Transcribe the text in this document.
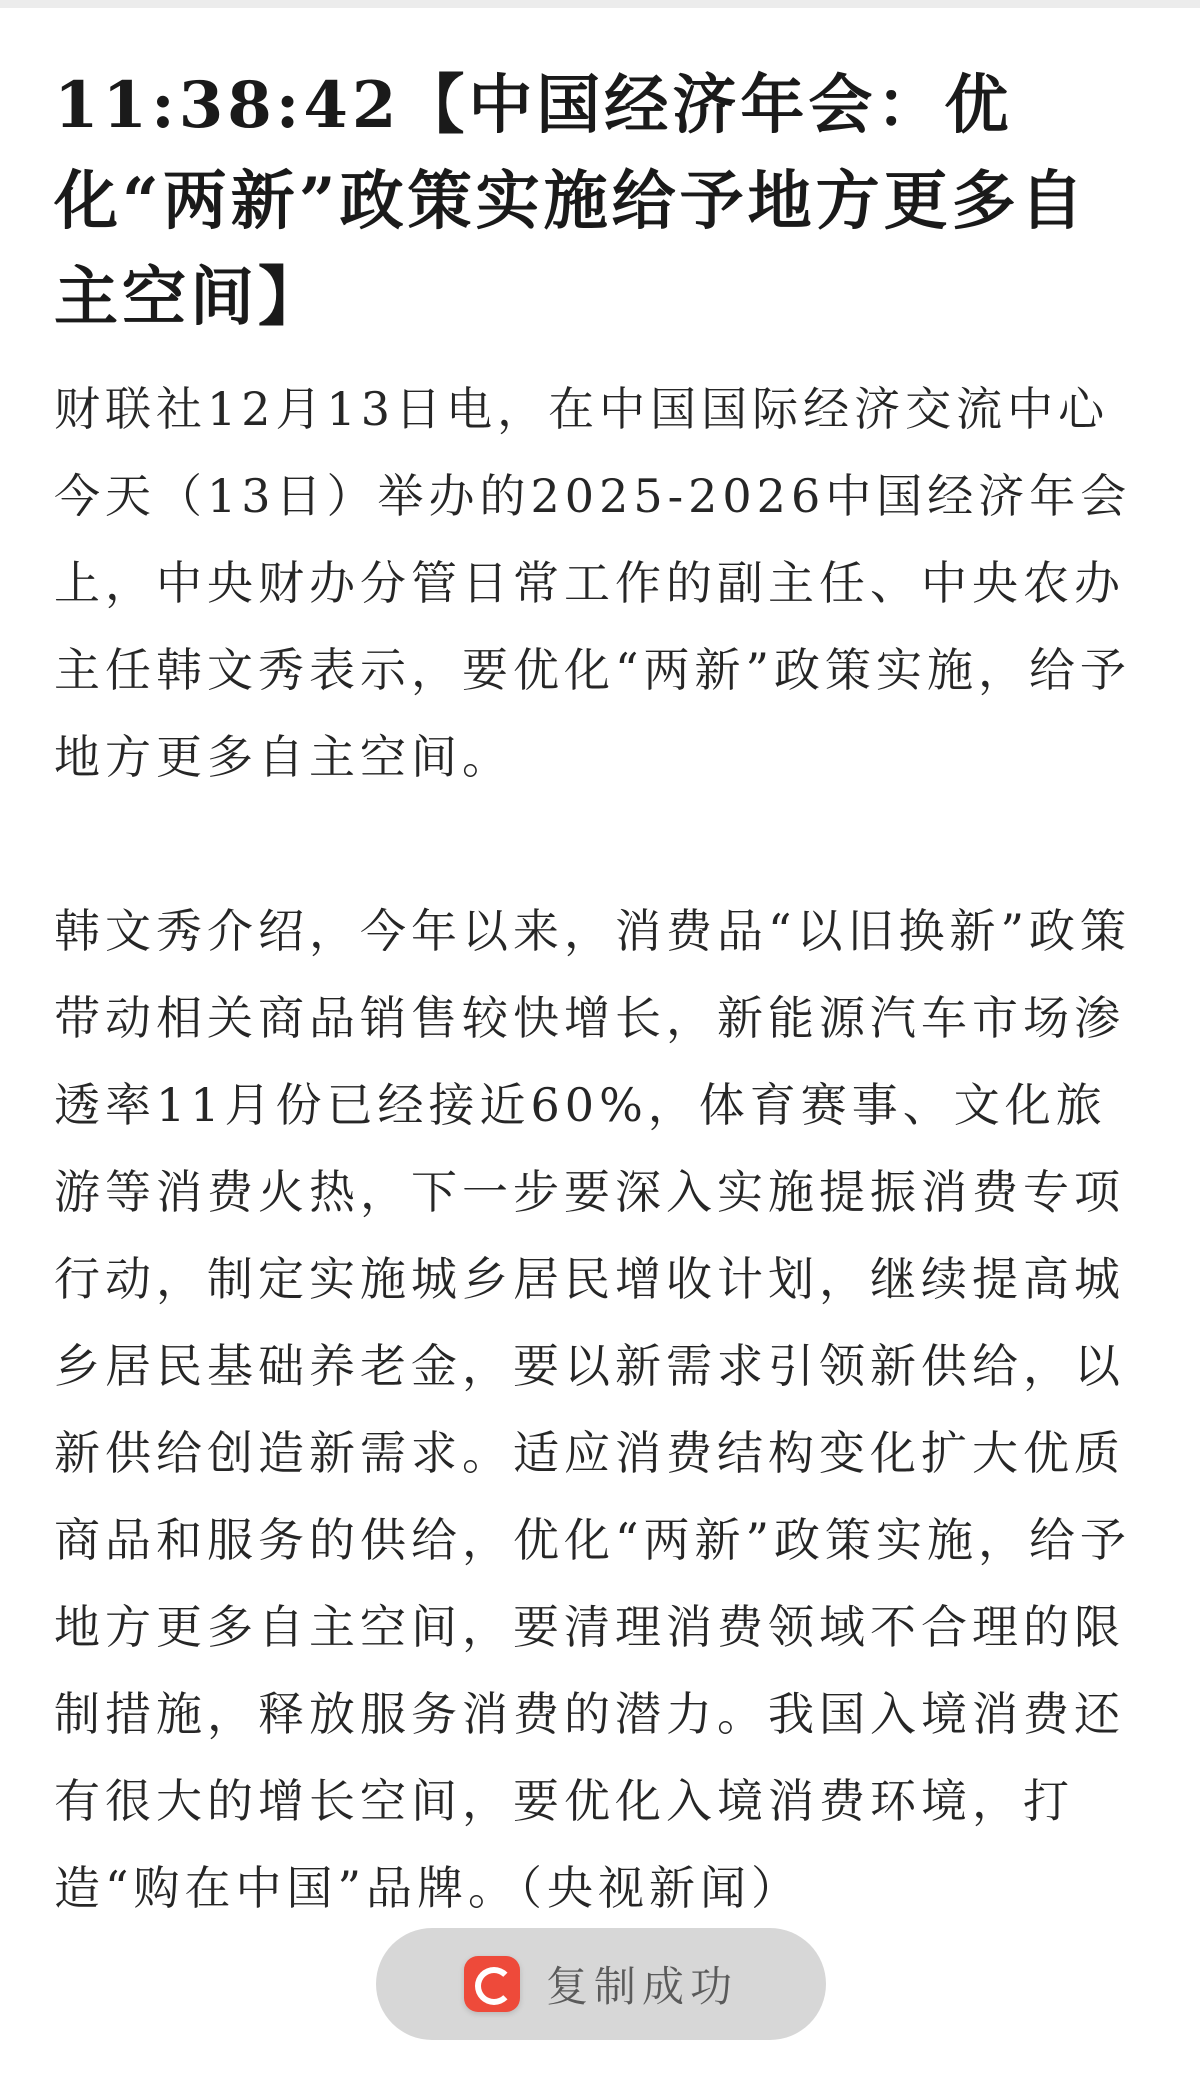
11:38:42【中国经济年会：优化“两新”政策实施给予地方更多自主空间】

财联社12月13日电，在中国国际经济交流中心今天（13日）举办的2025-2026中国经济年会上，中央财办分管日常工作的副主任、中央农办主任韩文秀表示，要优化“两新”政策实施，给予地方更多自主空间。

韩文秀介绍，今年以来，消费品“以旧换新”政策带动相关商品销售较快增长，新能源汽车市场渗透率11月份已经接近60%，体育赛事、文化旅游等消费火热，下一步要深入实施提振消费专项行动，制定实施城乡居民增收计划，继续提高城乡居民基础养老金，要以新需求引领新供给，以新供给创造新需求。适应消费结构变化扩大优质商品和服务的供给，优化“两新”政策实施，给予地方更多自主空间，要清理消费领域不合理的限制措施，释放服务消费的潜力。我国入境消费还有很大的增长空间，要优化入境消费环境，打造“购在中国”品牌。（央视新闻）

复制成功
